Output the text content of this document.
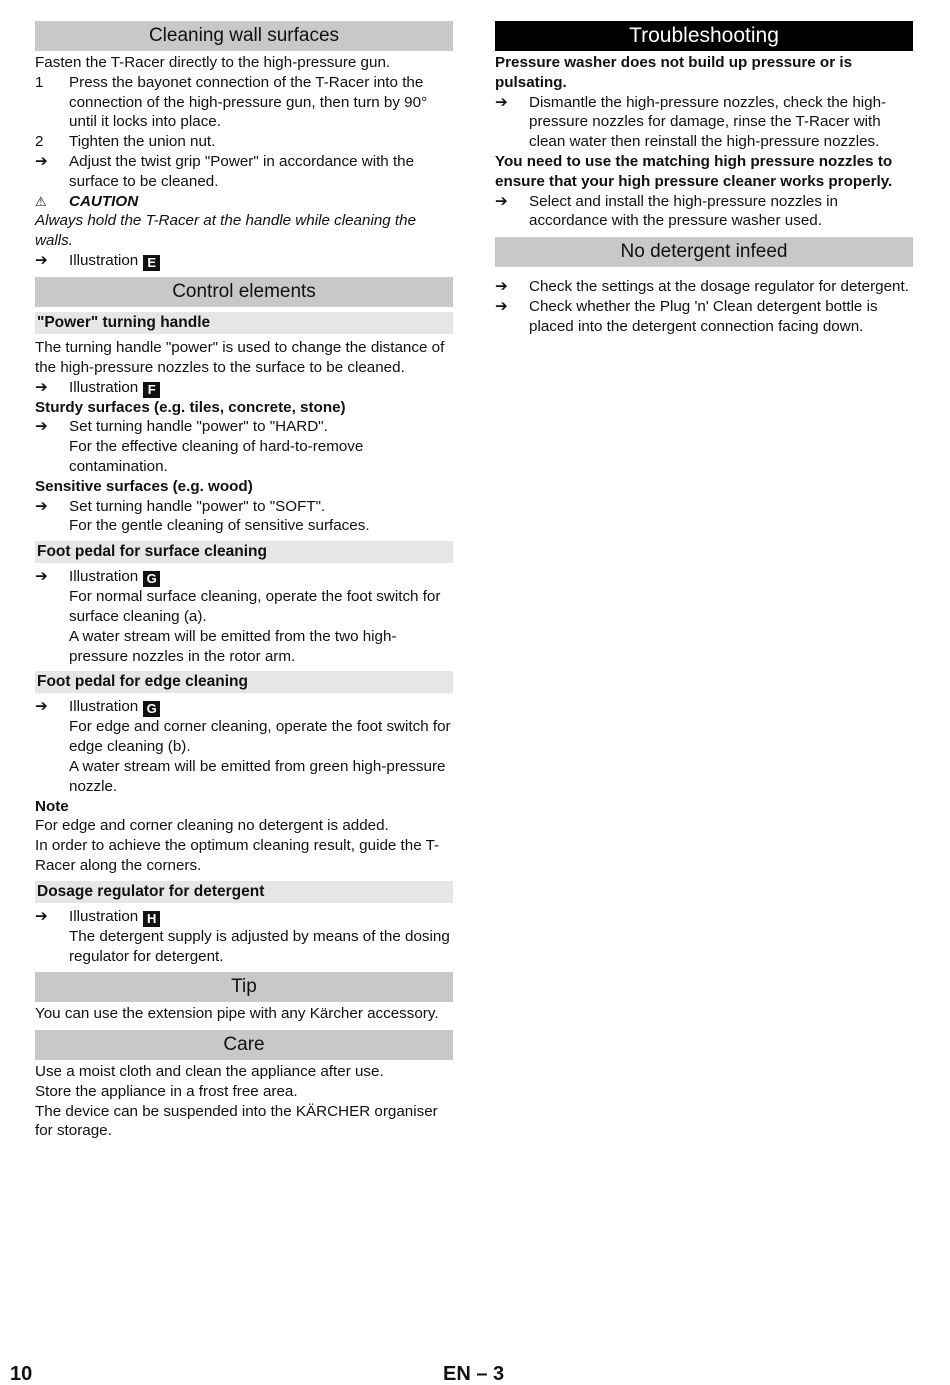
Cleaning wall surfaces
Fasten the T-Racer directly to the high-pressure gun.
1	Press the bayonet connection of the T-Racer into the connection of the high-pressure gun, then turn by 90° until it locks into place.
2	Tighten the union nut.
➔	Adjust the twist grip "Power" in accordance with the surface to be cleaned.
⚠	CAUTION
Always hold the T-Racer at the handle while cleaning the walls.
➔	Illustration E
Control elements
"Power" turning handle
The turning handle "power" is used to change the distance of the high-pressure nozzles to the surface to be cleaned.
➔	Illustration F
Sturdy surfaces (e.g. tiles, concrete, stone)
➔	Set turning handle "power" to "HARD".
For the effective cleaning of hard-to-remove contamination.
Sensitive surfaces (e.g. wood)
➔	Set turning handle "power" to "SOFT".
For the gentle cleaning of sensitive surfaces.
Foot pedal for surface cleaning
➔	Illustration G
For normal surface cleaning, operate the foot switch for surface cleaning (a).
A water stream will be emitted from the two high-pressure nozzles in the rotor arm.
Foot pedal for edge cleaning
➔	Illustration G
For edge and corner cleaning, operate the foot switch for edge cleaning (b).
A water stream will be emitted from green high-pressure nozzle.
Note
For edge and corner cleaning no detergent is added.
In order to achieve the optimum cleaning result, guide the T-Racer along the corners.
Dosage regulator for detergent
➔	Illustration H
The detergent supply is adjusted by means of the dosing regulator for detergent.
Tip
You can use the extension pipe with any Kärcher accessory.
Care
Use a moist cloth and clean the appliance after use.
Store the appliance in a frost free area.
The device can be suspended into the KÄRCHER organiser for storage.
Troubleshooting
Pressure washer does not build up pressure or is pulsating.
➔	Dismantle the high-pressure nozzles, check the high-pressure nozzles for damage, rinse the T-Racer with clean water then reinstall the high-pressure nozzles.
You need to use the matching high pressure nozzles to ensure that your high pressure cleaner works properly.
➔	Select and install the high-pressure nozzles in accordance with the pressure washer used.
No detergent infeed
➔	Check the settings at the dosage regulator for detergent.
➔	Check whether the Plug 'n' Clean detergent bottle is placed into the detergent connection facing down.
10	EN – 3
